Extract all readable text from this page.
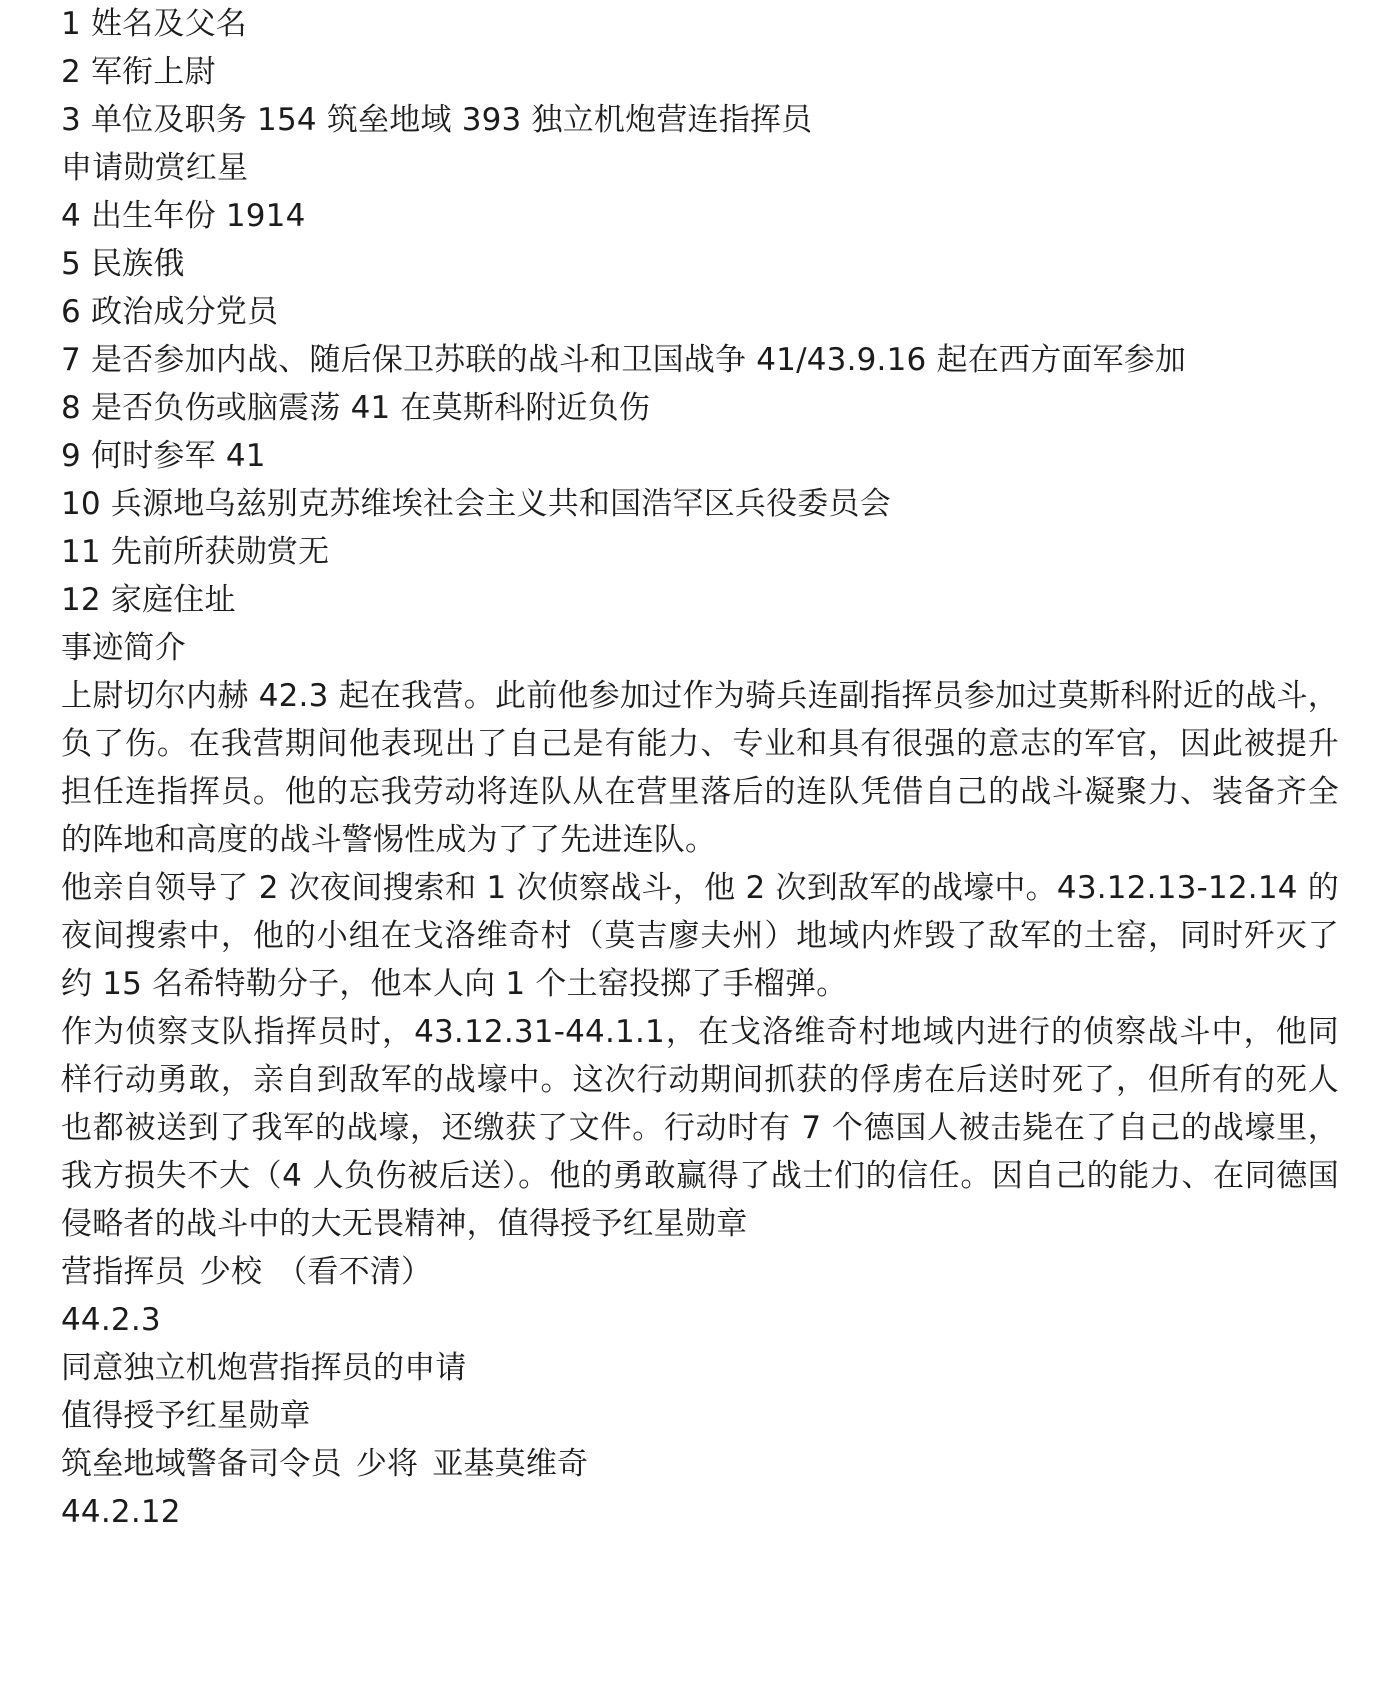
1 姓名及父名

2 军衔上尉

3 单位及职务 154 筑垒地域 393 独立机炮营连指挥员

申请勋赏红星

4 出生年份 1914

5 民族俄

6 政治成分党员

7 是否参加内战、随后保卫苏联的战斗和卫国战争 41/43.9.16 起在西方面军参加

8 是否负伤或脑震荡 41 在莫斯科附近负伤

9 何时参军 41

10 兵源地乌兹别克苏维埃社会主义共和国浩罕区兵役委员会

11 先前所获勋赏无

12 家庭住址

事迹简介

上尉切尔内赫 42.3 起在我营。此前他参加过作为骑兵连副指挥员参加过莫斯科附近的战斗，负了伤。在我营期间他表现出了自己是有能力、专业和具有很强的意志的军官，因此被提升担任连指挥员。他的忘我劳动将连队从在营里落后的连队凭借自己的战斗凝聚力、装备齐全的阵地和高度的战斗警惕性成为了了先进连队。

他亲自领导了 2 次夜间搜索和 1 次侦察战斗，他 2 次到敌军的战壕中。43.12.13-12.14 的夜间搜索中，他的小组在戈洛维奇村（莫吉廖夫州）地域内炸毁了敌军的土窑，同时歼灭了约 15 名希特勒分子，他本人向 1 个土窑投掷了手榴弹。

作为侦察支队指挥员时，43.12.31-44.1.1，在戈洛维奇村地域内进行的侦察战斗中，他同样行动勇敢，亲自到敌军的战壕中。这次行动期间抓获的俘虏在后送时死了，但所有的死人也都被送到了我军的战壕，还缴获了文件。行动时有 7 个德国人被击毙在了自己的战壕里，我方损失不大（4 人负伤被后送）。他的勇敢赢得了战士们的信任。因自己的能力、在同德国侵略者的战斗中的大无畏精神，值得授予红星勋章

营指挥员 少校 （看不清）

44.2.3

同意独立机炮营指挥员的申请

值得授予红星勋章

筑垒地域警备司令员 少将 亚基莫维奇

44.2.12
